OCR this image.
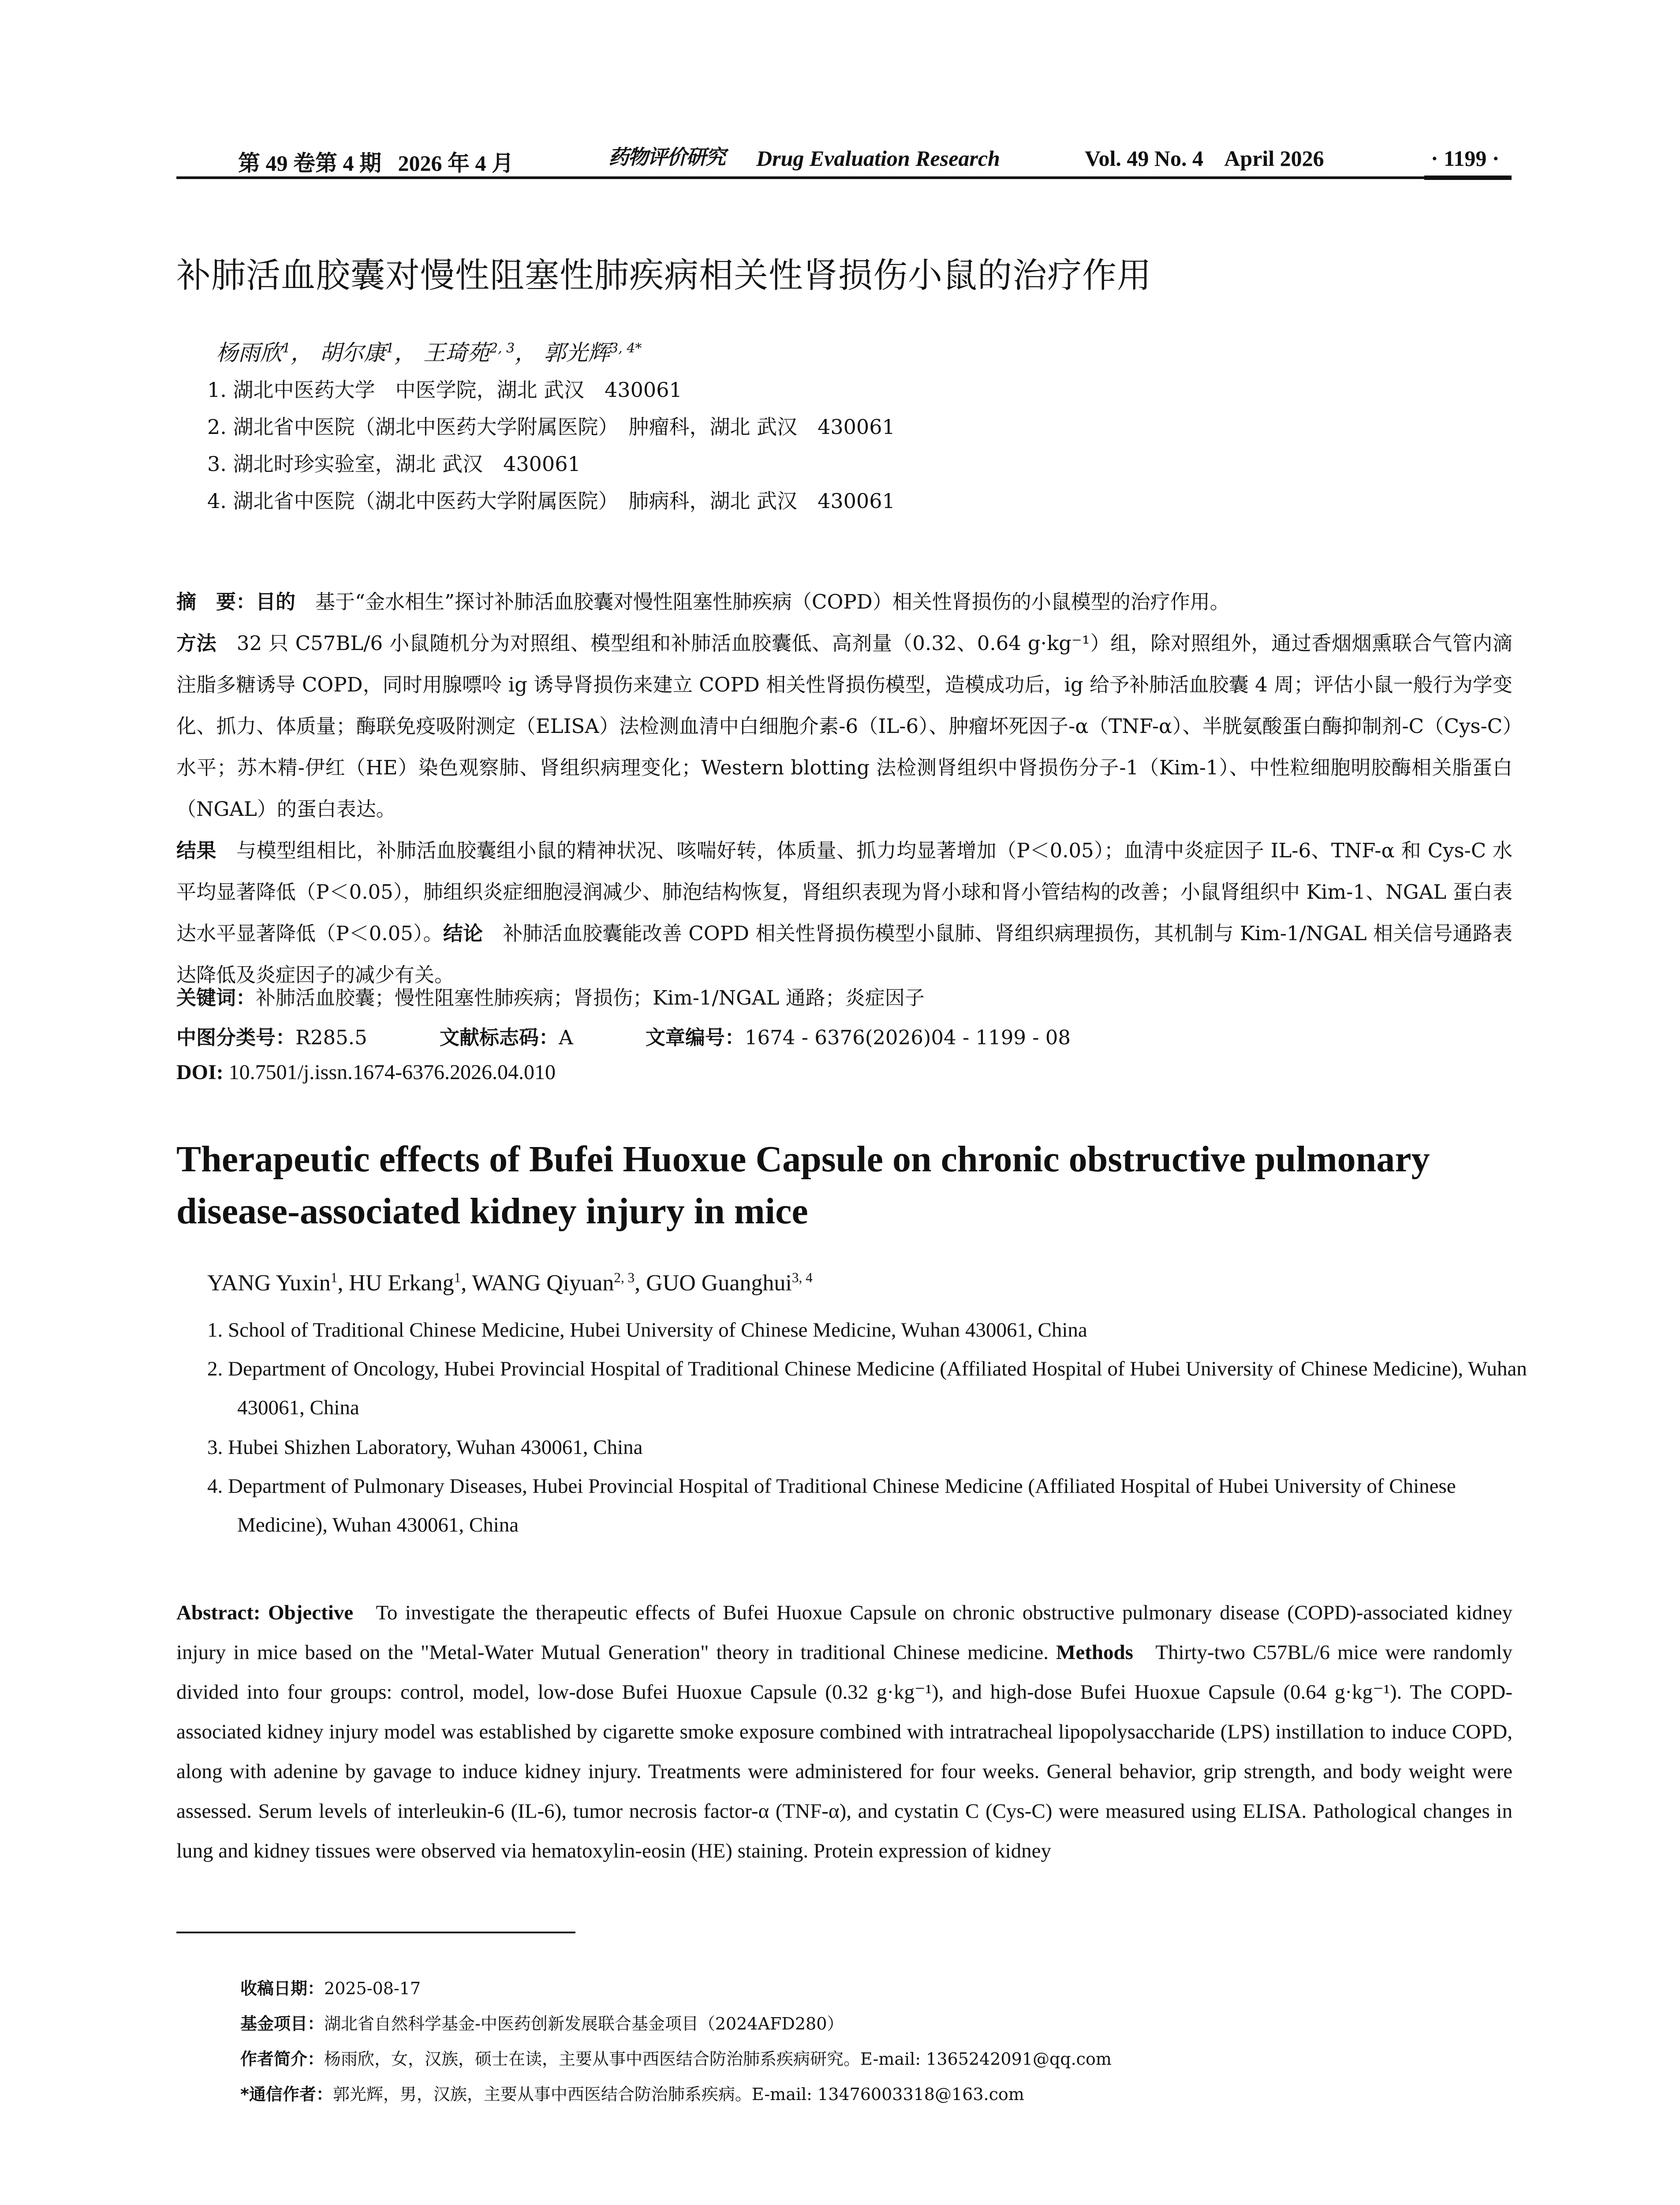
第 49 卷第 4 期   2026 年 4 月	药物评价研究 Drug Evaluation Research	Vol. 49 No. 4    April 2026	· 1199 ·
补肺活血胶囊对慢性阻塞性肺疾病相关性肾损伤小鼠的治疗作用
杨雨欣$^1$， 胡尔康$^1$， 王琦苑$^{2, 3}$， 郭光辉$^{3, 4*}$
1. 湖北中医药大学　中医学院，湖北 武汉　430061
2. 湖北省中医院（湖北中医药大学附属医院）　肿瘤科，湖北 武汉　430061
3. 湖北时珍实验室，湖北 武汉　430061
4. 湖北省中医院（湖北中医药大学附属医院）　肺病科，湖北 武汉　430061
摘　要：目的　 基于“金水相生”探讨补肺活血胶囊对慢性阻塞性肺疾病（COPD）相关性肾损伤的小鼠模型的治疗作用。
方法　 32 只 C57BL/6 小鼠随机分为对照组、模型组和补肺活血胶囊低、高剂量（0.32、0.64 g·kg⁻¹）组，除对照组外，通过香烟烟熏联合气管内滴注脂多糖诱导 COPD，同时用腺嘌呤 ig 诱导肾损伤来建立 COPD 相关性肾损伤模型，造模成功后，ig 给予补肺活血胶囊 4 周；评估小鼠一般行为学变化、抓力、体质量；酶联免疫吸附测定（ELISA）法检测血清中白细胞介素-6（IL-6）、肿瘤坏死因子-α（TNF-α）、半胱氨酸蛋白酶抑制剂-C（Cys-C）水平；苏木精-伊红（HE）染色观察肺、肾组织病理变化；Western blotting 法检测肾组织中肾损伤分子-1（Kim-1）、中性粒细胞明胶酶相关脂蛋白（NGAL）的蛋白表达。
结果　 与模型组相比，补肺活血胶囊组小鼠的精神状况、咳喘好转，体质量、抓力均显著增加（P＜0.05）；血清中炎症因子 IL-6、TNF-α 和 Cys-C 水平均显著降低（P＜0.05），肺组织炎症细胞浸润减少、肺泡结构恢复，肾组织表现为肾小球和肾小管结构的改善；小鼠肾组织中 Kim-1、NGAL 蛋白表达水平显著降低（P＜0.05）。结论　 补肺活血胶囊能改善 COPD 相关性肾损伤模型小鼠肺、肾组织病理损伤，其机制与 Kim-1/NGAL 相关信号通路表达降低及炎症因子的减少有关。
关键词：补肺活血胶囊；慢性阻塞性肺疾病；肾损伤；Kim-1/NGAL 通路；炎症因子
中图分类号：R285.5	文献标志码：A	文章编号：1674 - 6376(2026)04 - 1199 - 08
DOI: 10.7501/j.issn.1674-6376.2026.04.010
Therapeutic effects of Bufei Huoxue Capsule on chronic obstructive pulmonary disease-associated kidney injury in mice
YANG Yuxin$^1$, HU Erkang$^1$, WANG Qiyuan$^{2, 3}$, GUO Guanghui$^{3, 4}$
1. School of Traditional Chinese Medicine, Hubei University of Chinese Medicine, Wuhan 430061, China
2. Department of Oncology, Hubei Provincial Hospital of Traditional Chinese Medicine (Affiliated Hospital of Hubei University of Chinese Medicine), Wuhan 430061, China
3. Hubei Shizhen Laboratory, Wuhan 430061, China
4. Department of Pulmonary Diseases, Hubei Provincial Hospital of Traditional Chinese Medicine (Affiliated Hospital of Hubei University of Chinese Medicine), Wuhan 430061, China
Abstract: Objective To investigate the therapeutic effects of Bufei Huoxue Capsule on chronic obstructive pulmonary disease (COPD)-associated kidney injury in mice based on the "Metal-Water Mutual Generation" theory in traditional Chinese medicine. Methods Thirty-two C57BL/6 mice were randomly divided into four groups: control, model, low-dose Bufei Huoxue Capsule (0.32 g·kg⁻¹), and high-dose Bufei Huoxue Capsule (0.64 g·kg⁻¹). The COPD-associated kidney injury model was established by cigarette smoke exposure combined with intratracheal lipopolysaccharide (LPS) instillation to induce COPD, along with adenine by gavage to induce kidney injury. Treatments were administered for four weeks. General behavior, grip strength, and body weight were assessed. Serum levels of interleukin-6 (IL-6), tumor necrosis factor-α (TNF-α), and cystatin C (Cys-C) were measured using ELISA. Pathological changes in lung and kidney tissues were observed via hematoxylin-eosin (HE) staining. Protein expression of kidney
收稿日期：2025-08-17
基金项目：湖北省自然科学基金-中医药创新发展联合基金项目（2024AFD280）
作者简介：杨雨欣，女，汉族，硕士在读，主要从事中西医结合防治肺系疾病研究。E-mail: 1365242091@qq.com
*通信作者：郭光辉，男，汉族，主要从事中西医结合防治肺系疾病。E-mail: 13476003318@163.com
